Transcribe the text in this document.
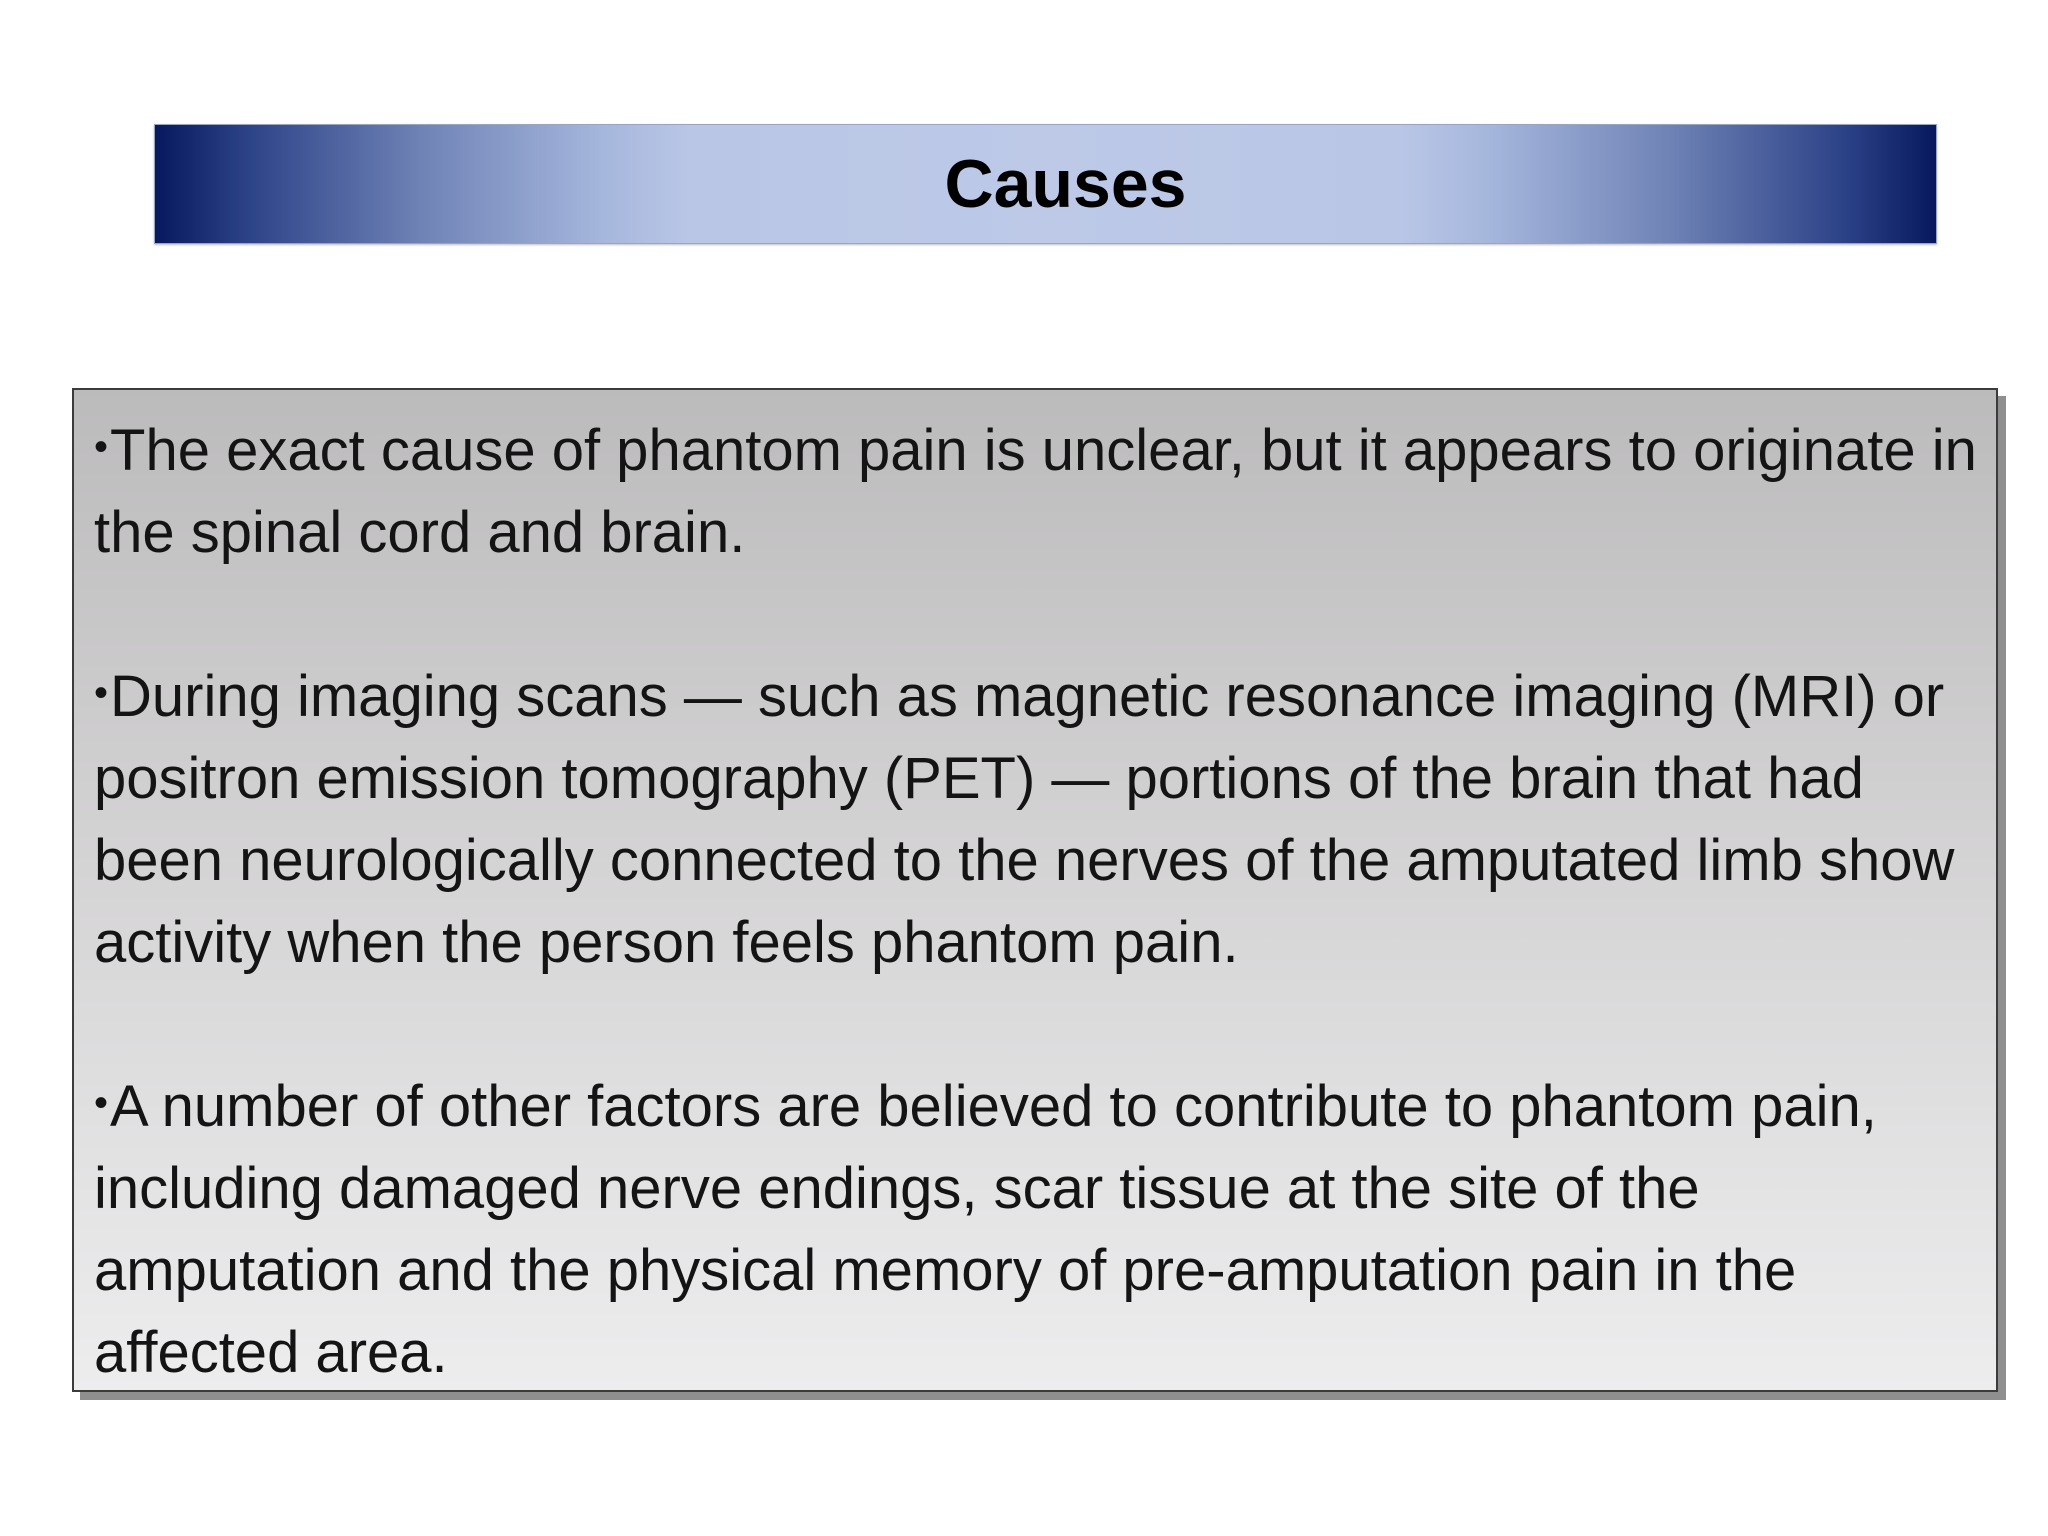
Causes

•The exact cause of phantom pain is unclear, but it appears to originate in the spinal cord and brain.

•During imaging scans — such as magnetic resonance imaging (MRI) or positron emission tomography (PET) — portions of the brain that had been neurologically connected to the nerves of the amputated limb show activity when the person feels phantom pain.

•A number of other factors are believed to contribute to phantom pain, including damaged nerve endings, scar tissue at the site of the amputation and the physical memory of pre-amputation pain in the affected area.
